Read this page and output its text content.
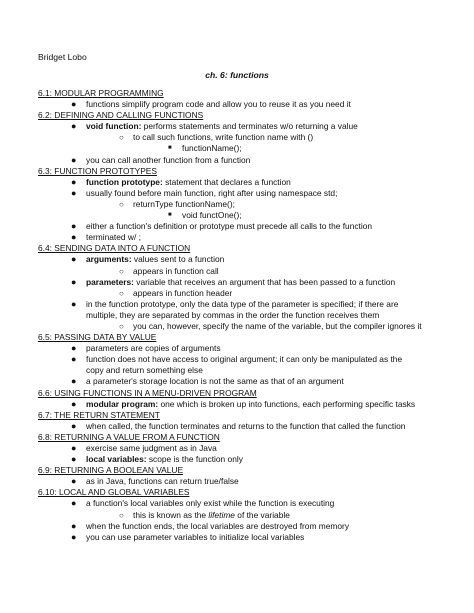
Bridget Lobo
ch. 6: functions
6.1: MODULAR PROGRAMMING
● functions simplify program code and allow you to reuse it as you need it
6.2: DEFINING AND CALLING FUNCTIONS
● void function: performs statements and terminates w/o returning a value
○ to call such functions, write function name with ()
■ functionName();
● you can call another function from a function
6.3: FUNCTION PROTOTYPES
● function prototype: statement that declares a function
● usually found before main function, right after using namespace std;
○ returnType functionName();
■ void functOne();
● either a function's definition or prototype must precede all calls to the function
● terminated w/ ;
6.4: SENDING DATA INTO A FUNCTION
● arguments: values sent to a function
○ appears in function call
● parameters: variable that receives an argument that has been passed to a function
○ appears in function header
● in the function prototype, only the data type of the parameter is specified; if there are
multiple, they are separated by commas in the order the function receives them
○ you can, however, specify the name of the variable, but the compiler ignores it
6.5: PASSING DATA BY VALUE
● parameters are copies of arguments
● function does not have access to original argument; it can only be manipulated as the
copy and return something else
● a parameter's storage location is not the same as that of an argument
6.6: USING FUNCTIONS IN A MENU-DRIVEN PROGRAM
● modular program: one which is broken up into functions, each performing specific tasks
6.7: THE RETURN STATEMENT
● when called, the function terminates and returns to the function that called the function
6.8: RETURNING A VALUE FROM A FUNCTION
● exercise same judgment as in Java
● local variables: scope is the function only
6.9: RETURNING A BOOLEAN VALUE
● as in Java, functions can return true/false
6.10: LOCAL AND GLOBAL VARIABLES
● a function's local variables only exist while the function is executing
○ this is known as the lifetime of the variable
● when the function ends, the local variables are destroyed from memory
● you can use parameter variables to initialize local variables
